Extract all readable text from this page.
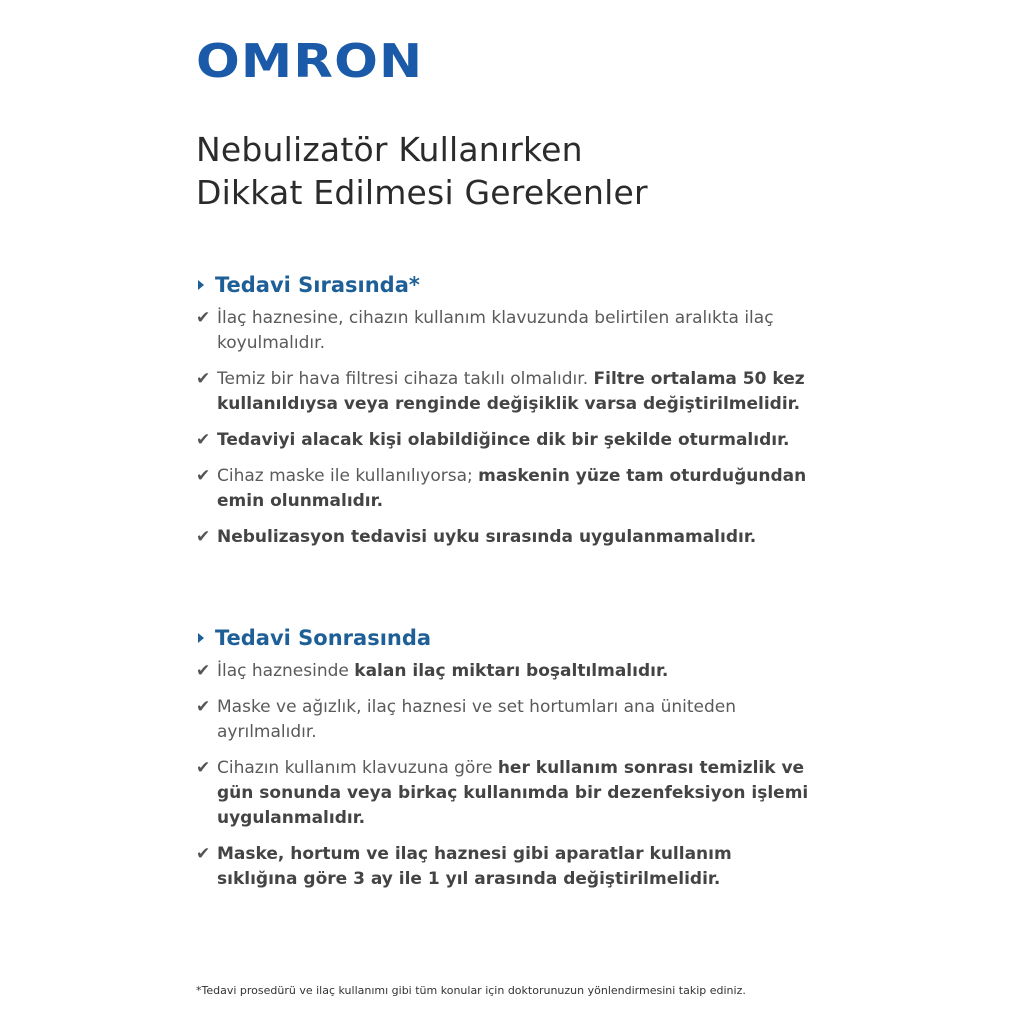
OMRON
Nebulizatör Kullanırken
Dikkat Edilmesi Gerekenler
Tedavi Sırasında*
✔ İlaç haznesine, cihazın kullanım klavuzunda belirtilen aralıkta ilaç koyulmalıdır.
✔ Temiz bir hava filtresi cihaza takılı olmalıdır. Filtre ortalama 50 kez kullanıldıysa veya renginde değişiklik varsa değiştirilmelidir.
✔ Tedaviyi alacak kişi olabildiğince dik bir şekilde oturmalıdır.
✔ Cihaz maske ile kullanılıyorsa; maskenin yüze tam oturduğundan emin olunmalıdır.
✔ Nebulizasyon tedavisi uyku sırasında uygulanmamalıdır.
Tedavi Sonrasında
✔ İlaç haznesinde kalan ilaç miktarı boşaltılmalıdır.
✔ Maske ve ağızlık, ilaç haznesi ve set hortumları ana üniteden ayrılmalıdır.
✔ Cihazın kullanım klavuzuna göre her kullanım sonrası temizlik ve gün sonunda veya birkaç kullanımda bir dezenfeksiyon işlemi uygulanmalıdır.
✔ Maske, hortum ve ilaç haznesi gibi aparatlar kullanım sıklığına göre 3 ay ile 1 yıl arasında değiştirilmelidir.
*Tedavi prosedürü ve ilaç kullanımı gibi tüm konular için doktorunuzun yönlendirmesini takip ediniz.
